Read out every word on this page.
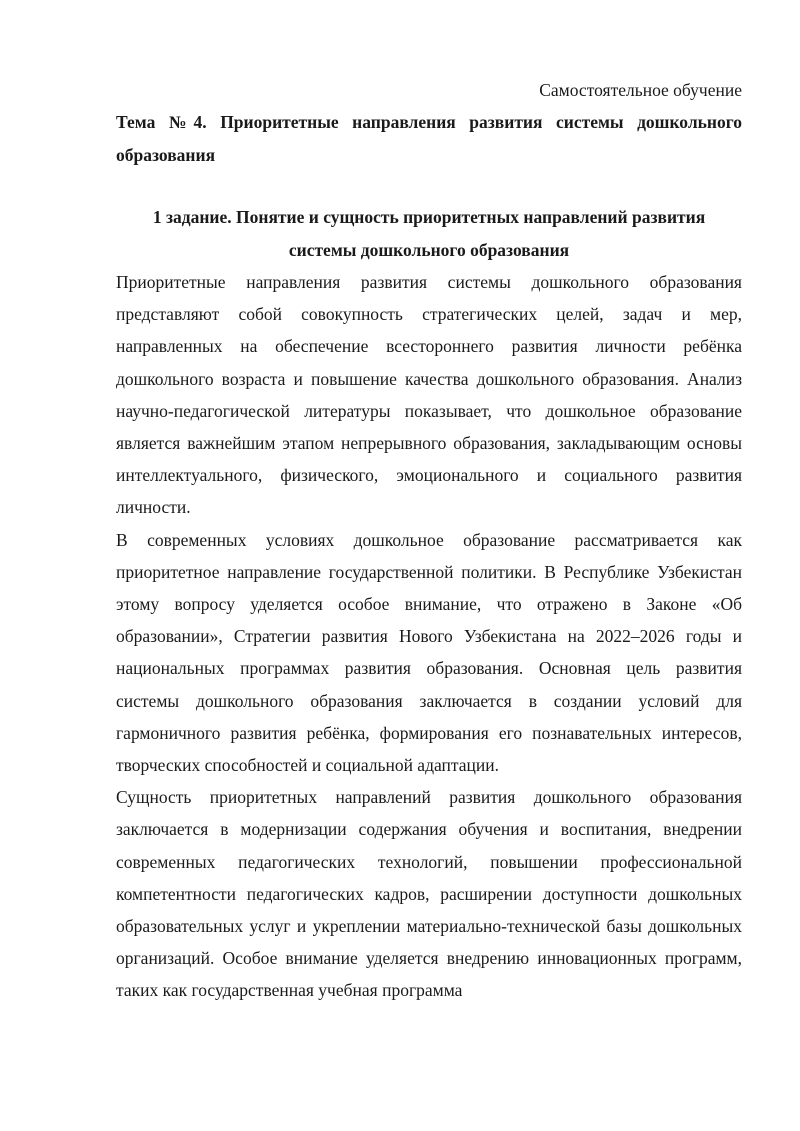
Самостоятельное обучение

Тема №4. Приоритетные направления развития системы дошкольного образования

1 задание. Понятие и сущность приоритетных направлений развития

системы дошкольного образования

Приоритетные направления развития системы дошкольного образования представляют собой совокупность стратегических целей, задач и мер, направленных на обеспечение всестороннего развития личности ребёнка дошкольного возраста и повышение качества дошкольного образования. Анализ научно-педагогической литературы показывает, что дошкольное образование является важнейшим этапом непрерывного образования, закладывающим основы интеллектуального, физического, эмоционального и социального развития личности.

В современных условиях дошкольное образование рассматривается как приоритетное направление государственной политики. В Республике Узбекистан этому вопросу уделяется особое внимание, что отражено в Законе «Об образовании», Стратегии развития Нового Узбекистана на 2022–2026 годы и национальных программах развития образования. Основная цель развития системы дошкольного образования заключается в создании условий для гармоничного развития ребёнка, формирования его познавательных интересов, творческих способностей и социальной адаптации.

Сущность приоритетных направлений развития дошкольного образования заключается в модернизации содержания обучения и воспитания, внедрении современных педагогических технологий, повышении профессиональной компетентности педагогических кадров, расширении доступности дошкольных образовательных услуг и укреплении материально-технической базы дошкольных организаций. Особое внимание уделяется внедрению инновационных программ, таких как государственная учебная программа
